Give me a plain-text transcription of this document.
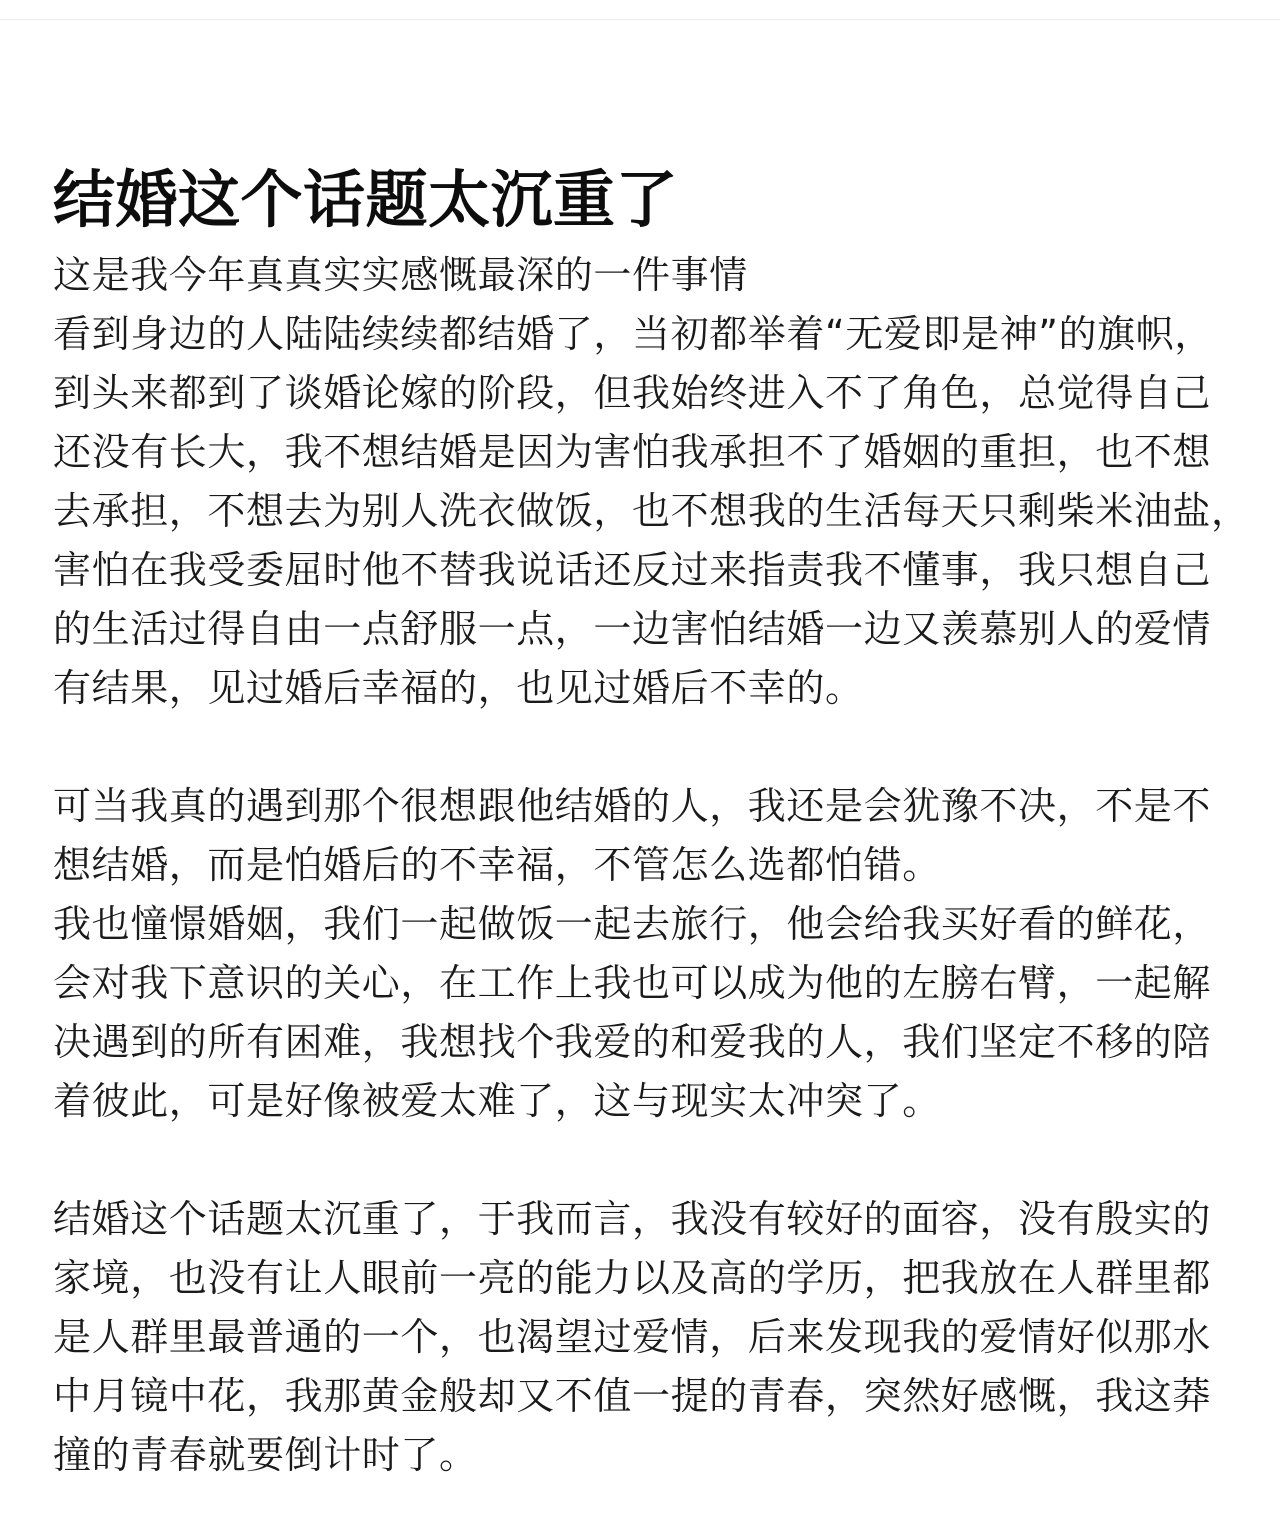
结婚这个话题太沉重了
这是我今年真真实实感慨最深的一件事情
看到身边的人陆陆续续都结婚了，当初都举着“无爱即是神”的旗帜，
到头来都到了谈婚论嫁的阶段，但我始终进入不了角色，总觉得自己
还没有长大，我不想结婚是因为害怕我承担不了婚姻的重担，也不想
去承担，不想去为别人洗衣做饭，也不想我的生活每天只剩柴米油盐，
害怕在我受委屈时他不替我说话还反过来指责我不懂事，我只想自己
的生活过得自由一点舒服一点，一边害怕结婚一边又羡慕别人的爱情
有结果，见过婚后幸福的，也见过婚后不幸的。
可当我真的遇到那个很想跟他结婚的人，我还是会犹豫不决，不是不
想结婚，而是怕婚后的不幸福，不管怎么选都怕错。
我也憧憬婚姻，我们一起做饭一起去旅行，他会给我买好看的鲜花，
会对我下意识的关心，在工作上我也可以成为他的左膀右臂，一起解
决遇到的所有困难，我想找个我爱的和爱我的人，我们坚定不移的陪
着彼此，可是好像被爱太难了，这与现实太冲突了。
结婚这个话题太沉重了，于我而言，我没有较好的面容，没有殷实的
家境，也没有让人眼前一亮的能力以及高的学历，把我放在人群里都
是人群里最普通的一个，也渴望过爱情，后来发现我的爱情好似那水
中月镜中花，我那黄金般却又不值一提的青春，突然好感慨，我这莽
撞的青春就要倒计时了。
